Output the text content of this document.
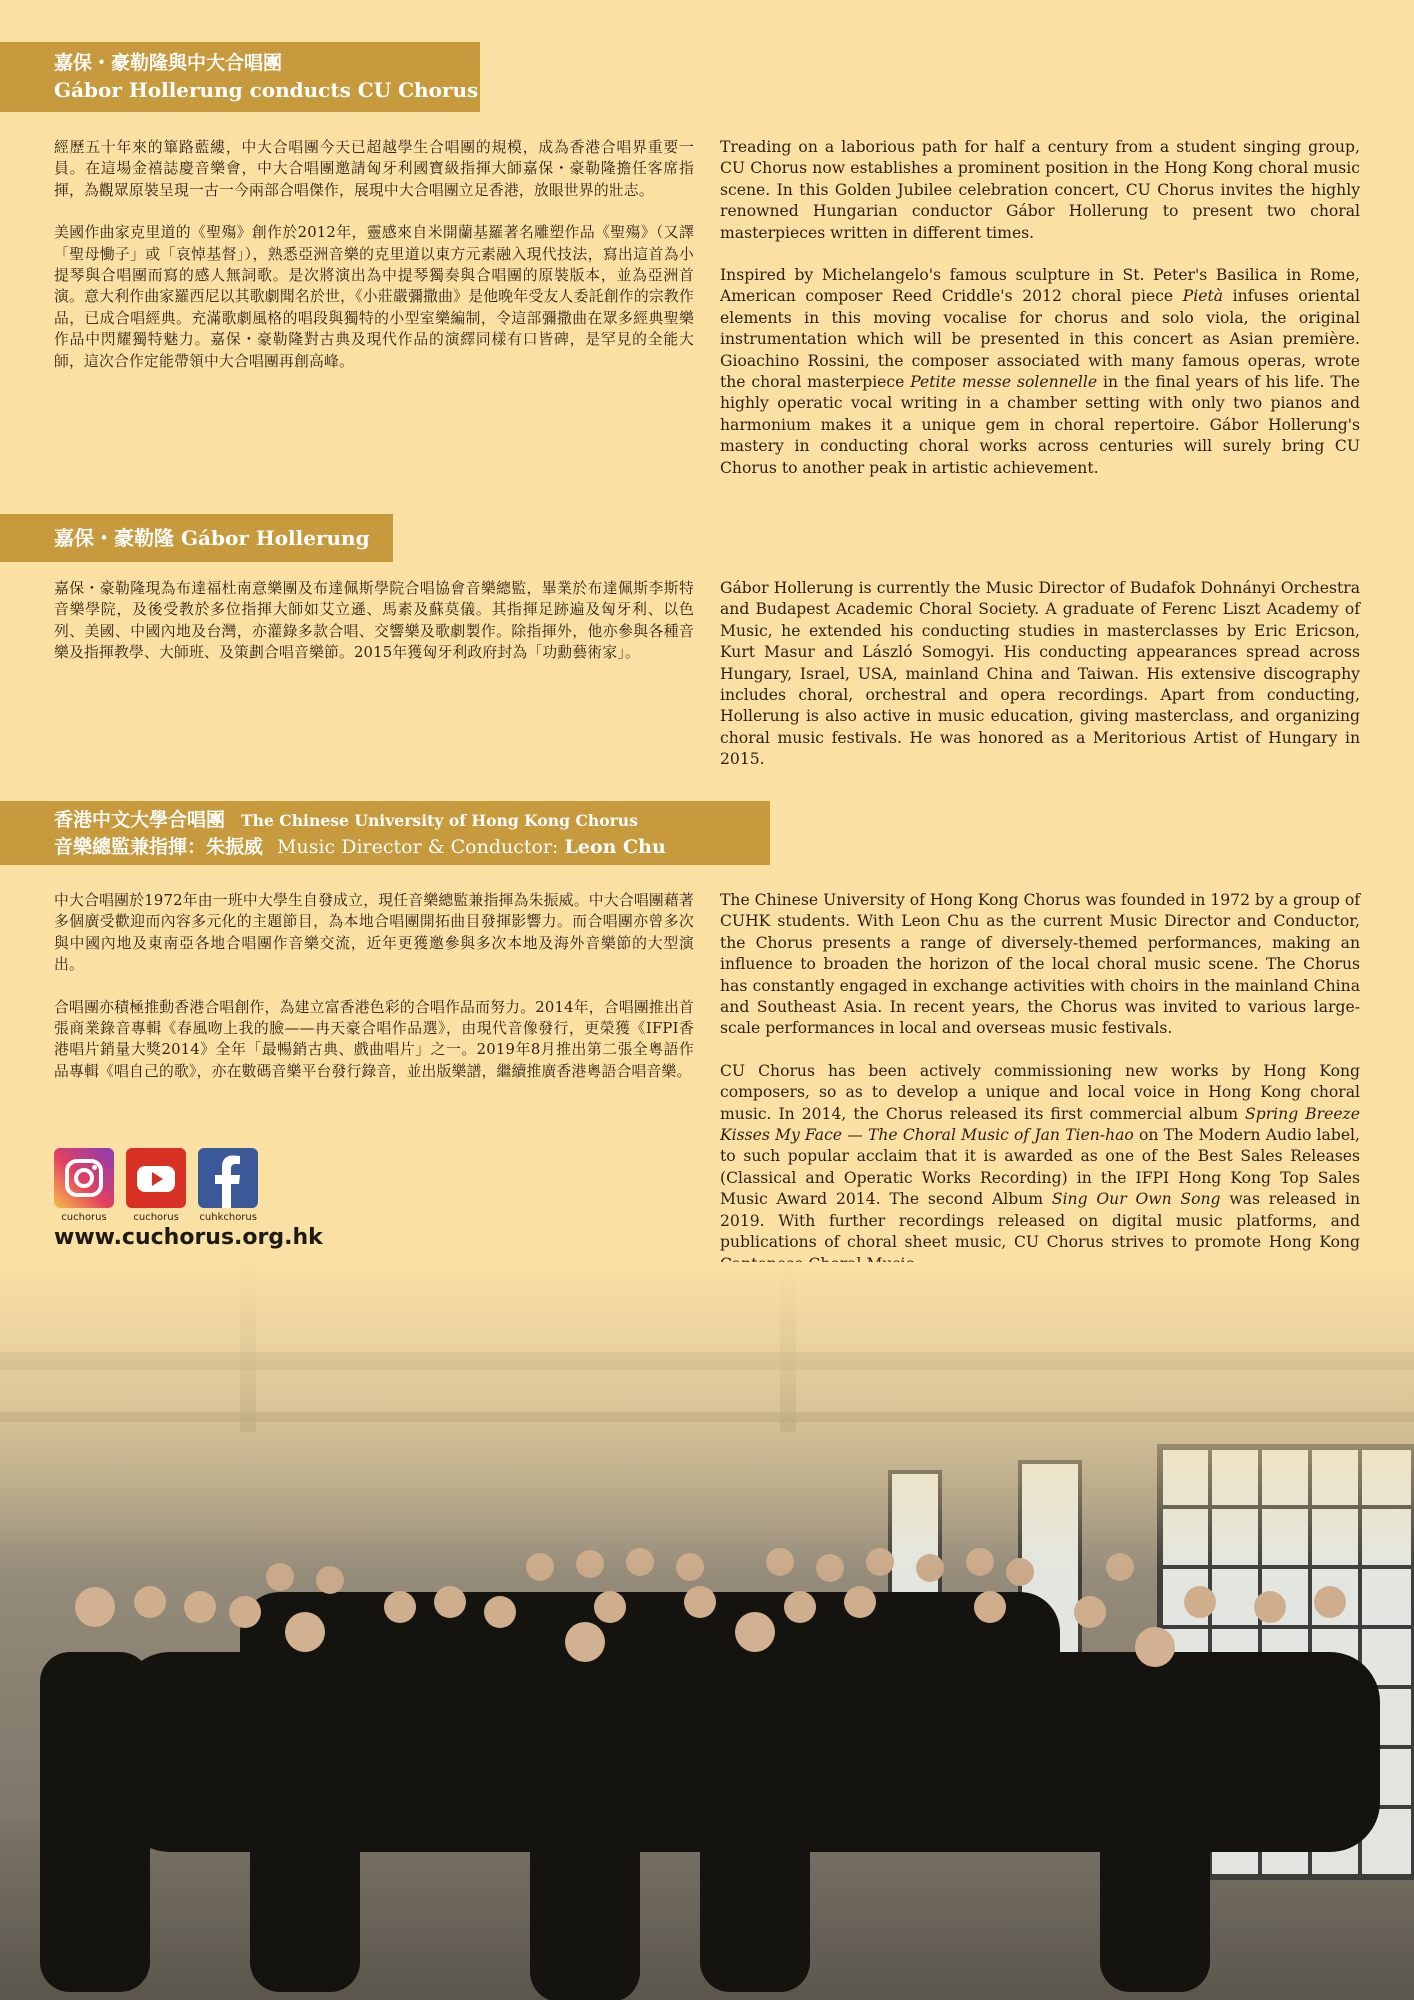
嘉保・豪勒隆與中大合唱團
Gábor Hollerung conducts CU Chorus

經歷五十年來的篳路藍縷，中大合唱團今天已超越學生合唱團的規模，成為香港合唱界重要一員。在這場金禧誌慶音樂會，中大合唱團邀請匈牙利國寶級指揮大師嘉保・豪勒隆擔任客席指揮，為觀眾原裝呈現一古一今兩部合唱傑作，展現中大合唱團立足香港，放眼世界的壯志。

美國作曲家克里道的《聖殤》創作於2012年，靈感來自米開蘭基羅著名雕塑作品《聖殤》（又譯「聖母慟子」或「哀悼基督」），熟悉亞洲音樂的克里道以東方元素融入現代技法，寫出這首為小提琴與合唱團而寫的感人無詞歌。是次將演出為中提琴獨奏與合唱團的原裝版本，並為亞洲首演。意大利作曲家羅西尼以其歌劇聞名於世，《小莊嚴彌撒曲》是他晚年受友人委託創作的宗教作品，已成合唱經典。充滿歌劇風格的唱段與獨特的小型室樂編制，令這部彌撒曲在眾多經典聖樂作品中閃耀獨特魅力。嘉保・豪勒隆對古典及現代作品的演繹同樣有口皆碑，是罕見的全能大師，這次合作定能帶領中大合唱團再創高峰。

Treading on a laborious path for half a century from a student singing group, CU Chorus now establishes a prominent position in the Hong Kong choral music scene. In this Golden Jubilee celebration concert, CU Chorus invites the highly renowned Hungarian conductor Gábor Hollerung to present two choral masterpieces written in different times.

Inspired by Michelangelo's famous sculpture in St. Peter's Basilica in Rome, American composer Reed Criddle's 2012 choral piece Pietà infuses oriental elements in this moving vocalise for chorus and solo viola, the original instrumentation which will be presented in this concert as Asian première. Gioachino Rossini, the composer associated with many famous operas, wrote the choral masterpiece Petite messe solennelle in the final years of his life. The highly operatic vocal writing in a chamber setting with only two pianos and harmonium makes it a unique gem in choral repertoire. Gábor Hollerung's mastery in conducting choral works across centuries will surely bring CU Chorus to another peak in artistic achievement.

嘉保・豪勒隆 Gábor Hollerung

嘉保・豪勒隆現為布達福杜南意樂團及布達佩斯學院合唱協會音樂總監，畢業於布達佩斯李斯特音樂學院，及後受教於多位指揮大師如艾立遜、馬素及蘇莫儀。其指揮足跡遍及匈牙利、以色列、美國、中國內地及台灣，亦灌錄多款合唱、交響樂及歌劇製作。除指揮外，他亦參與各種音樂及指揮教學、大師班、及策劃合唱音樂節。2015年獲匈牙利政府封為「功勳藝術家」。

Gábor Hollerung is currently the Music Director of Budafok Dohnányi Orchestra and Budapest Academic Choral Society. A graduate of Ferenc Liszt Academy of Music, he extended his conducting studies in masterclasses by Eric Ericson, Kurt Masur and László Somogyi. His conducting appearances spread across Hungary, Israel, USA, mainland China and Taiwan. His extensive discography includes choral, orchestral and opera recordings. Apart from conducting, Hollerung is also active in music education, giving masterclass, and organizing choral music festivals. He was honored as a Meritorious Artist of Hungary in 2015.

香港中文大學合唱團 The Chinese University of Hong Kong Chorus
音樂總監兼指揮：朱振威 Music Director & Conductor: Leon Chu

中大合唱團於1972年由一班中大學生自發成立，現任音樂總監兼指揮為朱振威。中大合唱團藉著多個廣受歡迎而內容多元化的主題節目，為本地合唱團開拓曲目發揮影響力。而合唱團亦曾多次與中國內地及東南亞各地合唱團作音樂交流，近年更獲邀參與多次本地及海外音樂節的大型演出。

合唱團亦積極推動香港合唱創作，為建立富香港色彩的合唱作品而努力。2014年，合唱團推出首張商業錄音專輯《春風吻上我的臉——冉天豪合唱作品選》，由現代音像發行，更榮獲《IFPI香港唱片銷量大獎2014》全年「最暢銷古典、戲曲唱片」之一。2019年8月推出第二張全粵語作品專輯《唱自己的歌》，亦在數碼音樂平台發行錄音，並出版樂譜，繼續推廣香港粵語合唱音樂。

The Chinese University of Hong Kong Chorus was founded in 1972 by a group of CUHK students. With Leon Chu as the current Music Director and Conductor, the Chorus presents a range of diversely-themed performances, making an influence to broaden the horizon of the local choral music scene. The Chorus has constantly engaged in exchange activities with choirs in the mainland China and Southeast Asia. In recent years, the Chorus was invited to various large-scale performances in local and overseas music festivals.

CU Chorus has been actively commissioning new works by Hong Kong composers, so as to develop a unique and local voice in Hong Kong choral music. In 2014, the Chorus released its first commercial album Spring Breeze Kisses My Face — The Choral Music of Jan Tien-hao on The Modern Audio label, to such popular acclaim that it is awarded as one of the Best Sales Releases (Classical and Operatic Works Recording) in the IFPI Hong Kong Top Sales Music Award 2014. The second Album Sing Our Own Song was released in 2019. With further recordings released on digital music platforms, and publications of choral sheet music, CU Chorus strives to promote Hong Kong

cuchorus
	cuchorus
	cuhkchorus
www.cuchorus.org.hk
